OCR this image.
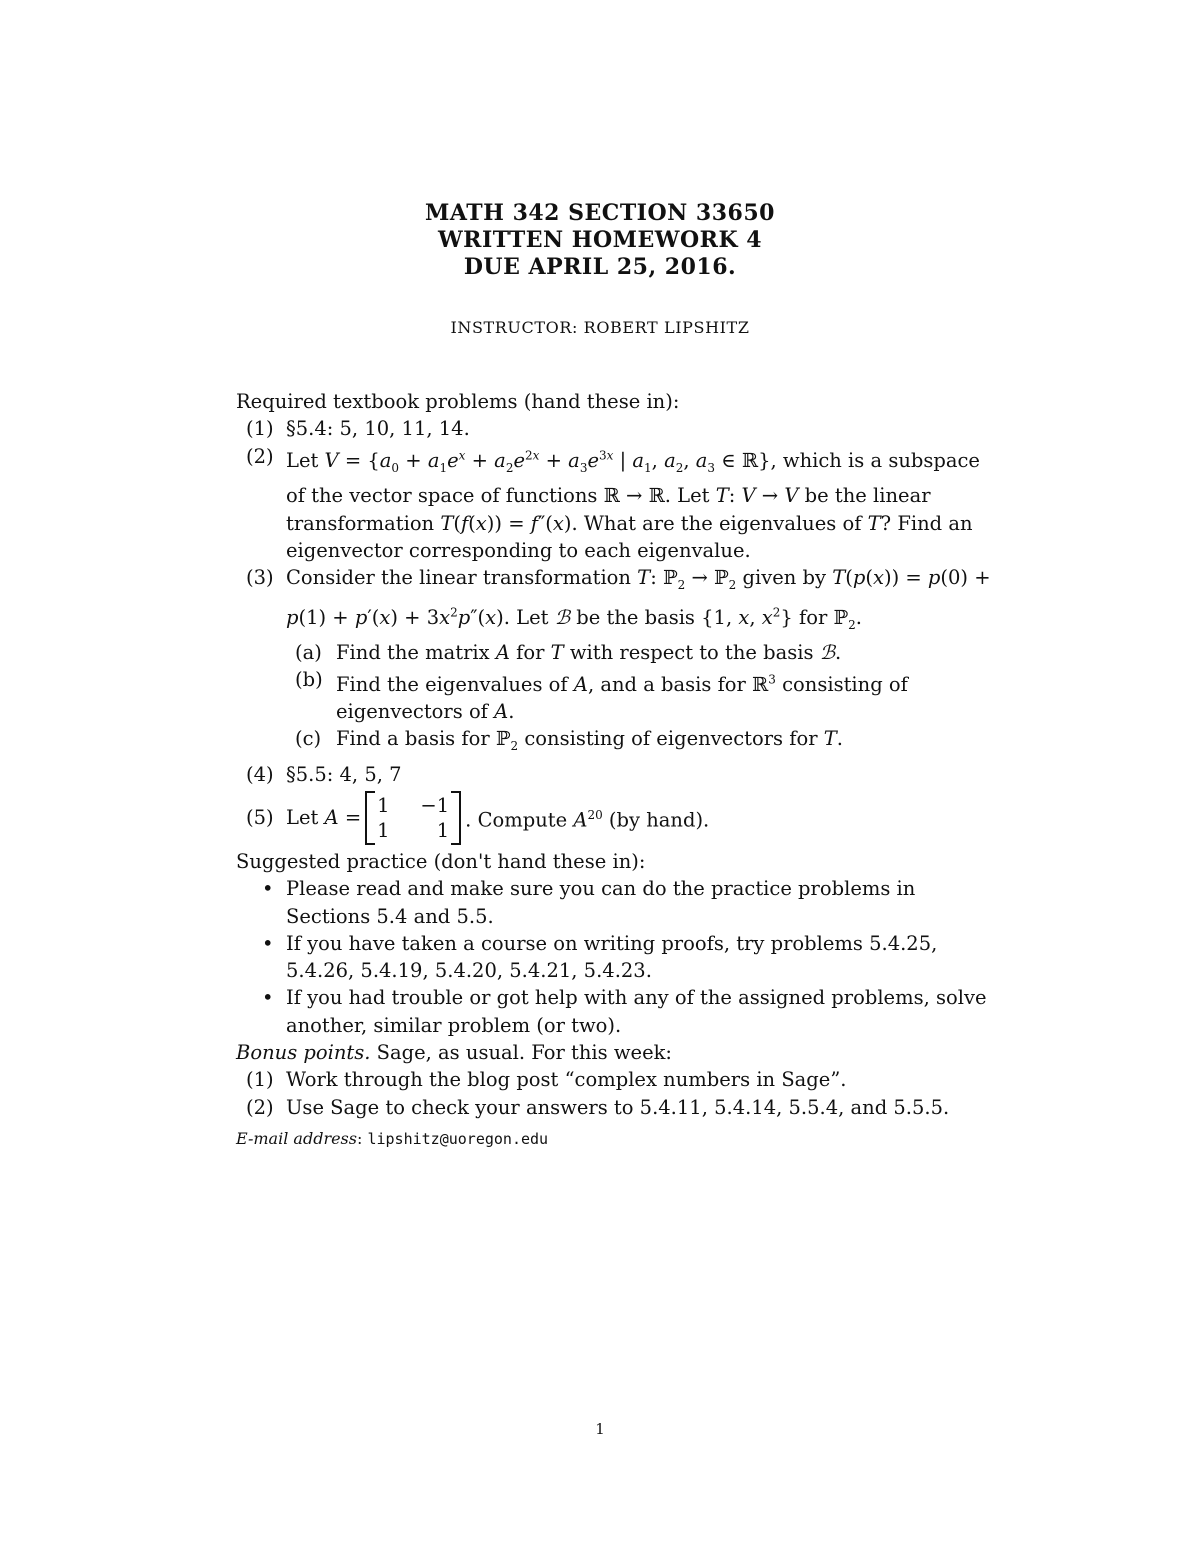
MATH 342 SECTION 33650
WRITTEN HOMEWORK 4
DUE APRIL 25, 2016.
INSTRUCTOR: ROBERT LIPSHITZ

Required textbook problems (hand these in):

(1) §5.4: 5, 10, 11, 14.
(2) Let $V = \{a_0 + a_1e^x + a_2e^{2x} + a_3e^{3x}$ | $a_1$, $a_2$, $a_3$ ∈ ℝ}, which is a subspace of the vector space of functions ℝ → ℝ. Let T: V → V be the linear transformation T(f(x)) = f″(x). What are the eigenvalues of T? Find an eigenvector corresponding to each eigenvalue.
(3) Consider the linear transformation T: ℙ$_2$ → ℙ$_2$ given by $T(p(x)) = p(0) + p(1) + p'(x) + 3x^2p''(x)$. Let ℬ be the basis {1, x, $x^2$} for ℙ$_2$.
(a) Find the matrix A for T with respect to the basis ℬ.
(b) Find the eigenvalues of A, and a basis for ℝ$^3$ consisting of eigenvectors of A.
(c) Find a basis for ℙ$_2$ consisting of eigenvectors for T.
(4) §5.5: 4, 5, 7
(5) Let A =
1	−1
1	1 . Compute $A^{20}$ (by hand).

Suggested practice (don't hand these in):

• Please read and make sure you can do the practice problems in Sections 5.4 and 5.5.
• If you have taken a course on writing proofs, try problems 5.4.25, 5.4.26, 5.4.19, 5.4.20, 5.4.21, 5.4.23.
• If you had trouble or got help with any of the assigned problems, solve another, similar problem (or two).

Bonus points. Sage, as usual. For this week:

(1) Work through the blog post “complex numbers in Sage”.
(2) Use Sage to check your answers to 5.4.11, 5.4.14, 5.5.4, and 5.5.5.
E-mail address: lipshitz@uoregon.edu
1
